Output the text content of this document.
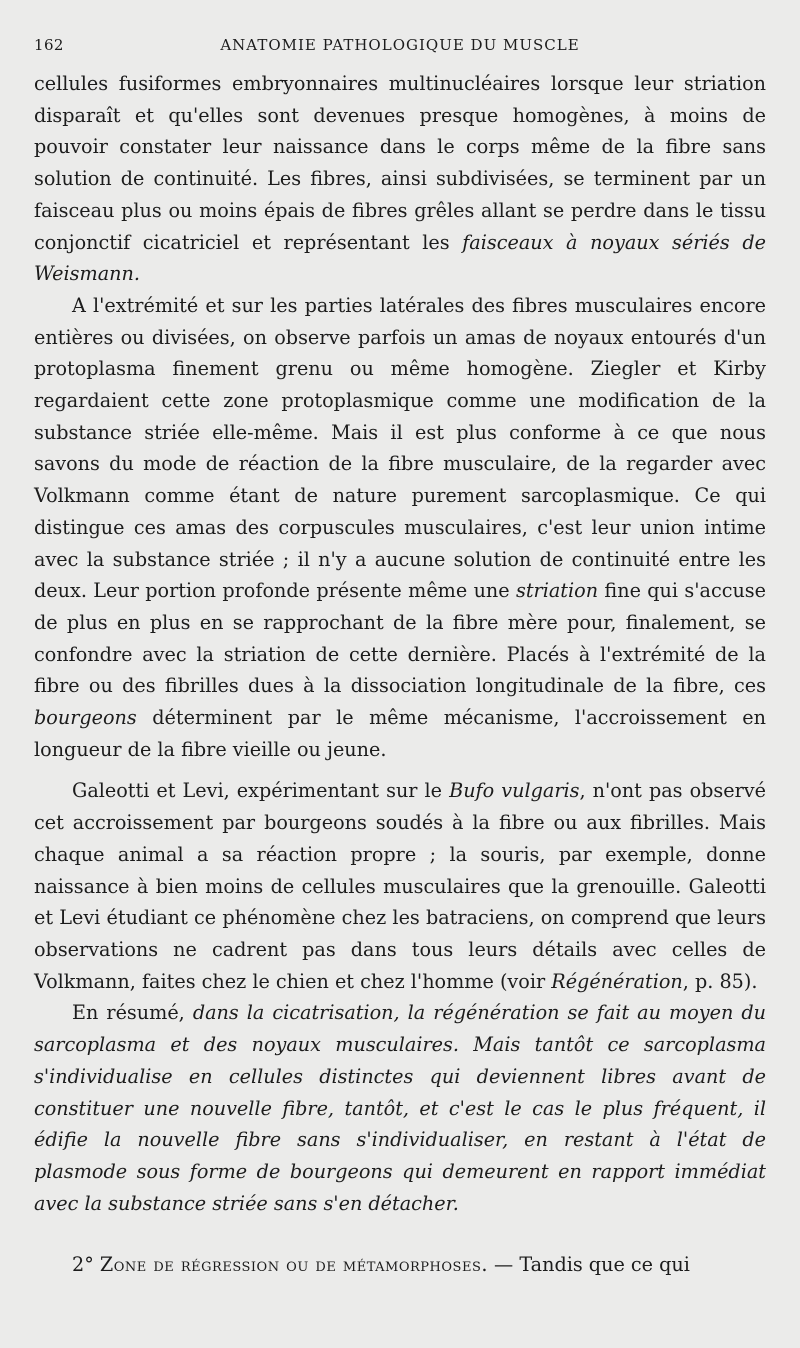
162	ANATOMIE PATHOLOGIQUE DU MUSCLE

cellules fusiformes embryonnaires multinucléaires lorsque leur striation disparaît et qu'elles sont devenues presque homogènes, à moins de pouvoir constater leur naissance dans le corps même de la fibre sans solution de continuité. Les fibres, ainsi subdivisées, se terminent par un faisceau plus ou moins épais de fibres grêles allant se perdre dans le tissu conjonctif cicatriciel et représentant les faisceaux à noyaux sériés de Weismann.

A l'extrémité et sur les parties latérales des fibres musculaires encore entières ou divisées, on observe parfois un amas de noyaux entourés d'un protoplasma finement grenu ou même homogène. Ziegler et Kirby regardaient cette zone protoplasmique comme une modification de la substance striée elle-même. Mais il est plus conforme à ce que nous savons du mode de réaction de la fibre musculaire, de la regarder avec Volkmann comme étant de nature purement sarcoplasmique. Ce qui distingue ces amas des corpuscules musculaires, c'est leur union intime avec la substance striée ; il n'y a aucune solution de continuité entre les deux. Leur portion profonde présente même une striation fine qui s'accuse de plus en plus en se rapprochant de la fibre mère pour, finalement, se confondre avec la striation de cette dernière. Placés à l'extrémité de la fibre ou des fibrilles dues à la dissociation longitudinale de la fibre, ces bourgeons déterminent par le même mécanisme, l'accroissement en longueur de la fibre vieille ou jeune.

Galeotti et Levi, expérimentant sur le Bufo vulgaris, n'ont pas observé cet accroissement par bourgeons soudés à la fibre ou aux fibrilles. Mais chaque animal a sa réaction propre ; la souris, par exemple, donne naissance à bien moins de cellules musculaires que la grenouille. Galeotti et Levi étudiant ce phénomène chez les batraciens, on comprend que leurs observations ne cadrent pas dans tous leurs détails avec celles de Volkmann, faites chez le chien et chez l'homme (voir Régénération, p. 85).

En résumé, dans la cicatrisation, la régénération se fait au moyen du sarcoplasma et des noyaux musculaires. Mais tantôt ce sarcoplasma s'individualise en cellules distinctes qui deviennent libres avant de constituer une nouvelle fibre, tantôt, et c'est le cas le plus fréquent, il édifie la nouvelle fibre sans s'individualiser, en restant à l'état de plasmode sous forme de bourgeons qui demeurent en rapport immédiat avec la substance striée sans s'en détacher.

2° Zone de régression ou de métamorphoses. — Tandis que ce qui
